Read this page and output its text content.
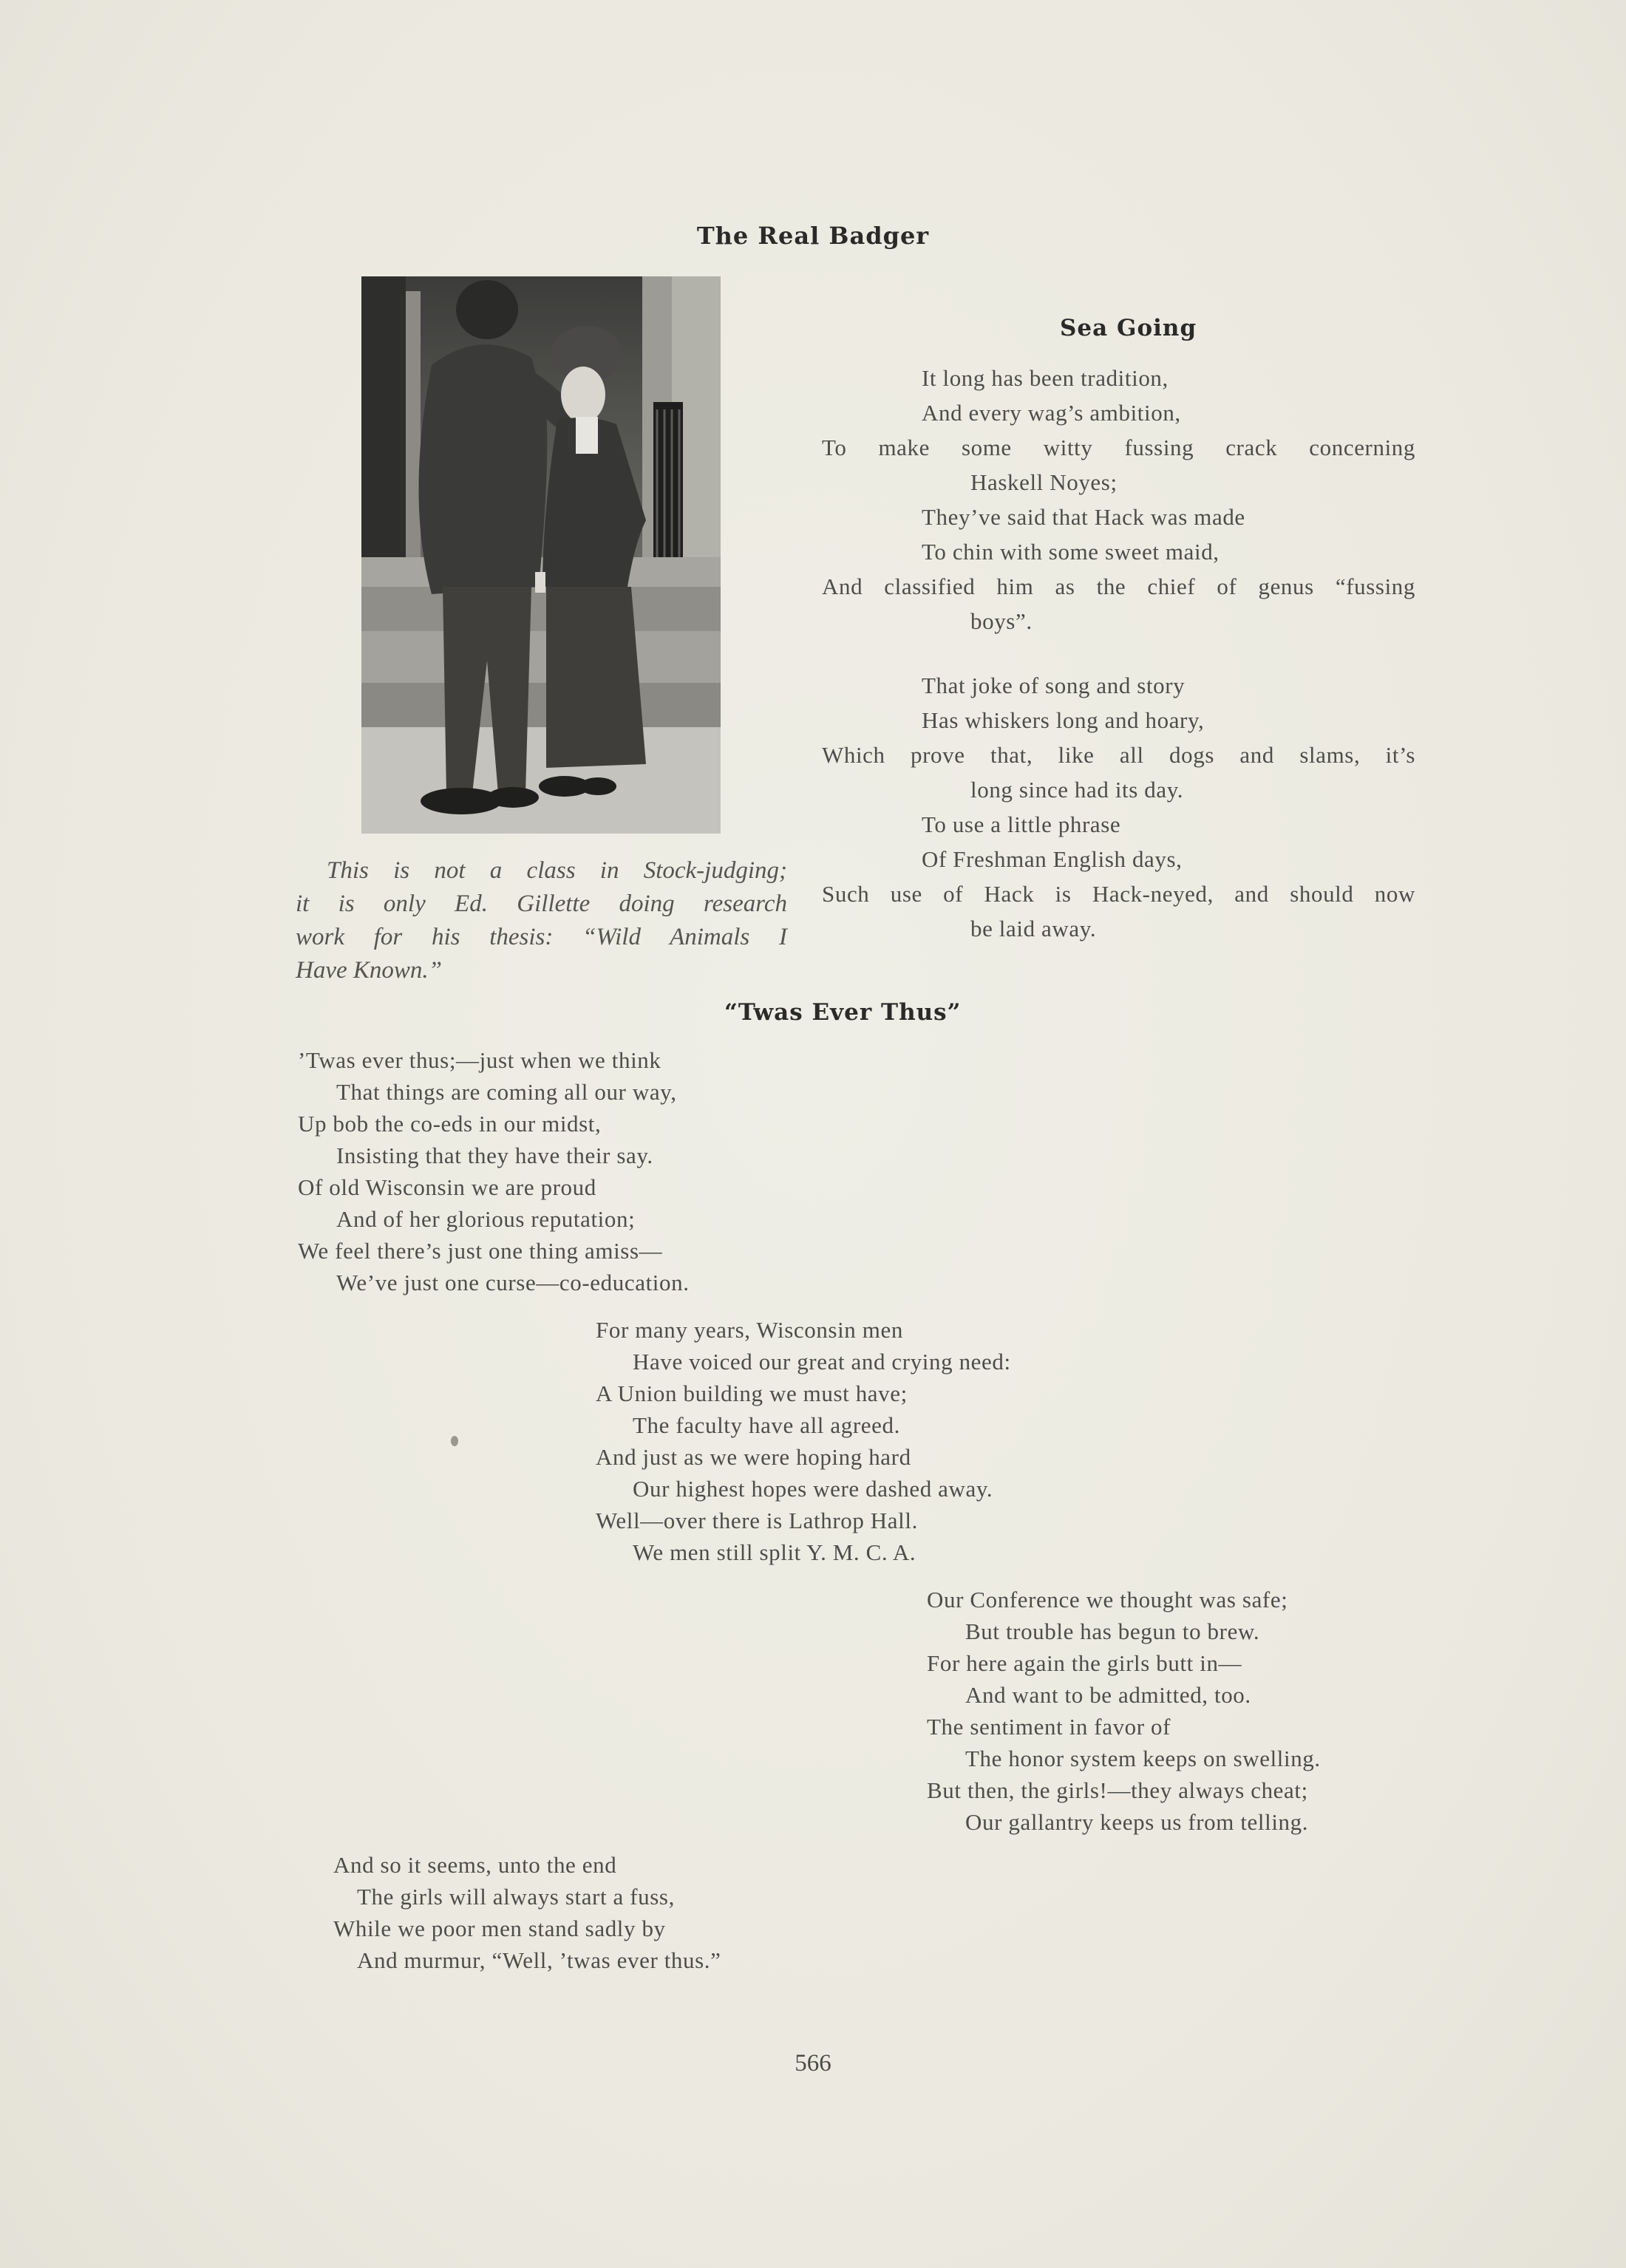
The Real Badger
This is not a class in Stock-judging;
it is only Ed. Gillette doing research
work for his thesis: “Wild Animals I
Have Known.”
Sea Going
It long has been tradition,
And every wag’s ambition,
To make some witty fussing crack concerning
Haskell Noyes;
They’ve said that Hack was made
To chin with some sweet maid,
And classified him as the chief of genus “fussing
boys”.
That joke of song and story
Has whiskers long and hoary,
Which prove that, like all dogs and slams, it’s
long since had its day.
To use a little phrase
Of Freshman English days,
Such use of Hack is Hack-neyed, and should now
be laid away.
“Twas Ever Thus”
’Twas ever thus;—just when we think
That things are coming all our way,
Up bob the co-eds in our midst,
Insisting that they have their say.
Of old Wisconsin we are proud
And of her glorious reputation;
We feel there’s just one thing amiss—
We’ve just one curse—co-education.
For many years, Wisconsin men
Have voiced our great and crying need:
A Union building we must have;
The faculty have all agreed.
And just as we were hoping hard
Our highest hopes were dashed away.
Well—over there is Lathrop Hall.
We men still split Y. M. C. A.
Our Conference we thought was safe;
But trouble has begun to brew.
For here again the girls butt in—
And want to be admitted, too.
The sentiment in favor of
The honor system keeps on swelling.
But then, the girls!—they always cheat;
Our gallantry keeps us from telling.
And so it seems, unto the end
The girls will always start a fuss,
While we poor men stand sadly by
And murmur, “Well, ’twas ever thus.”
566
